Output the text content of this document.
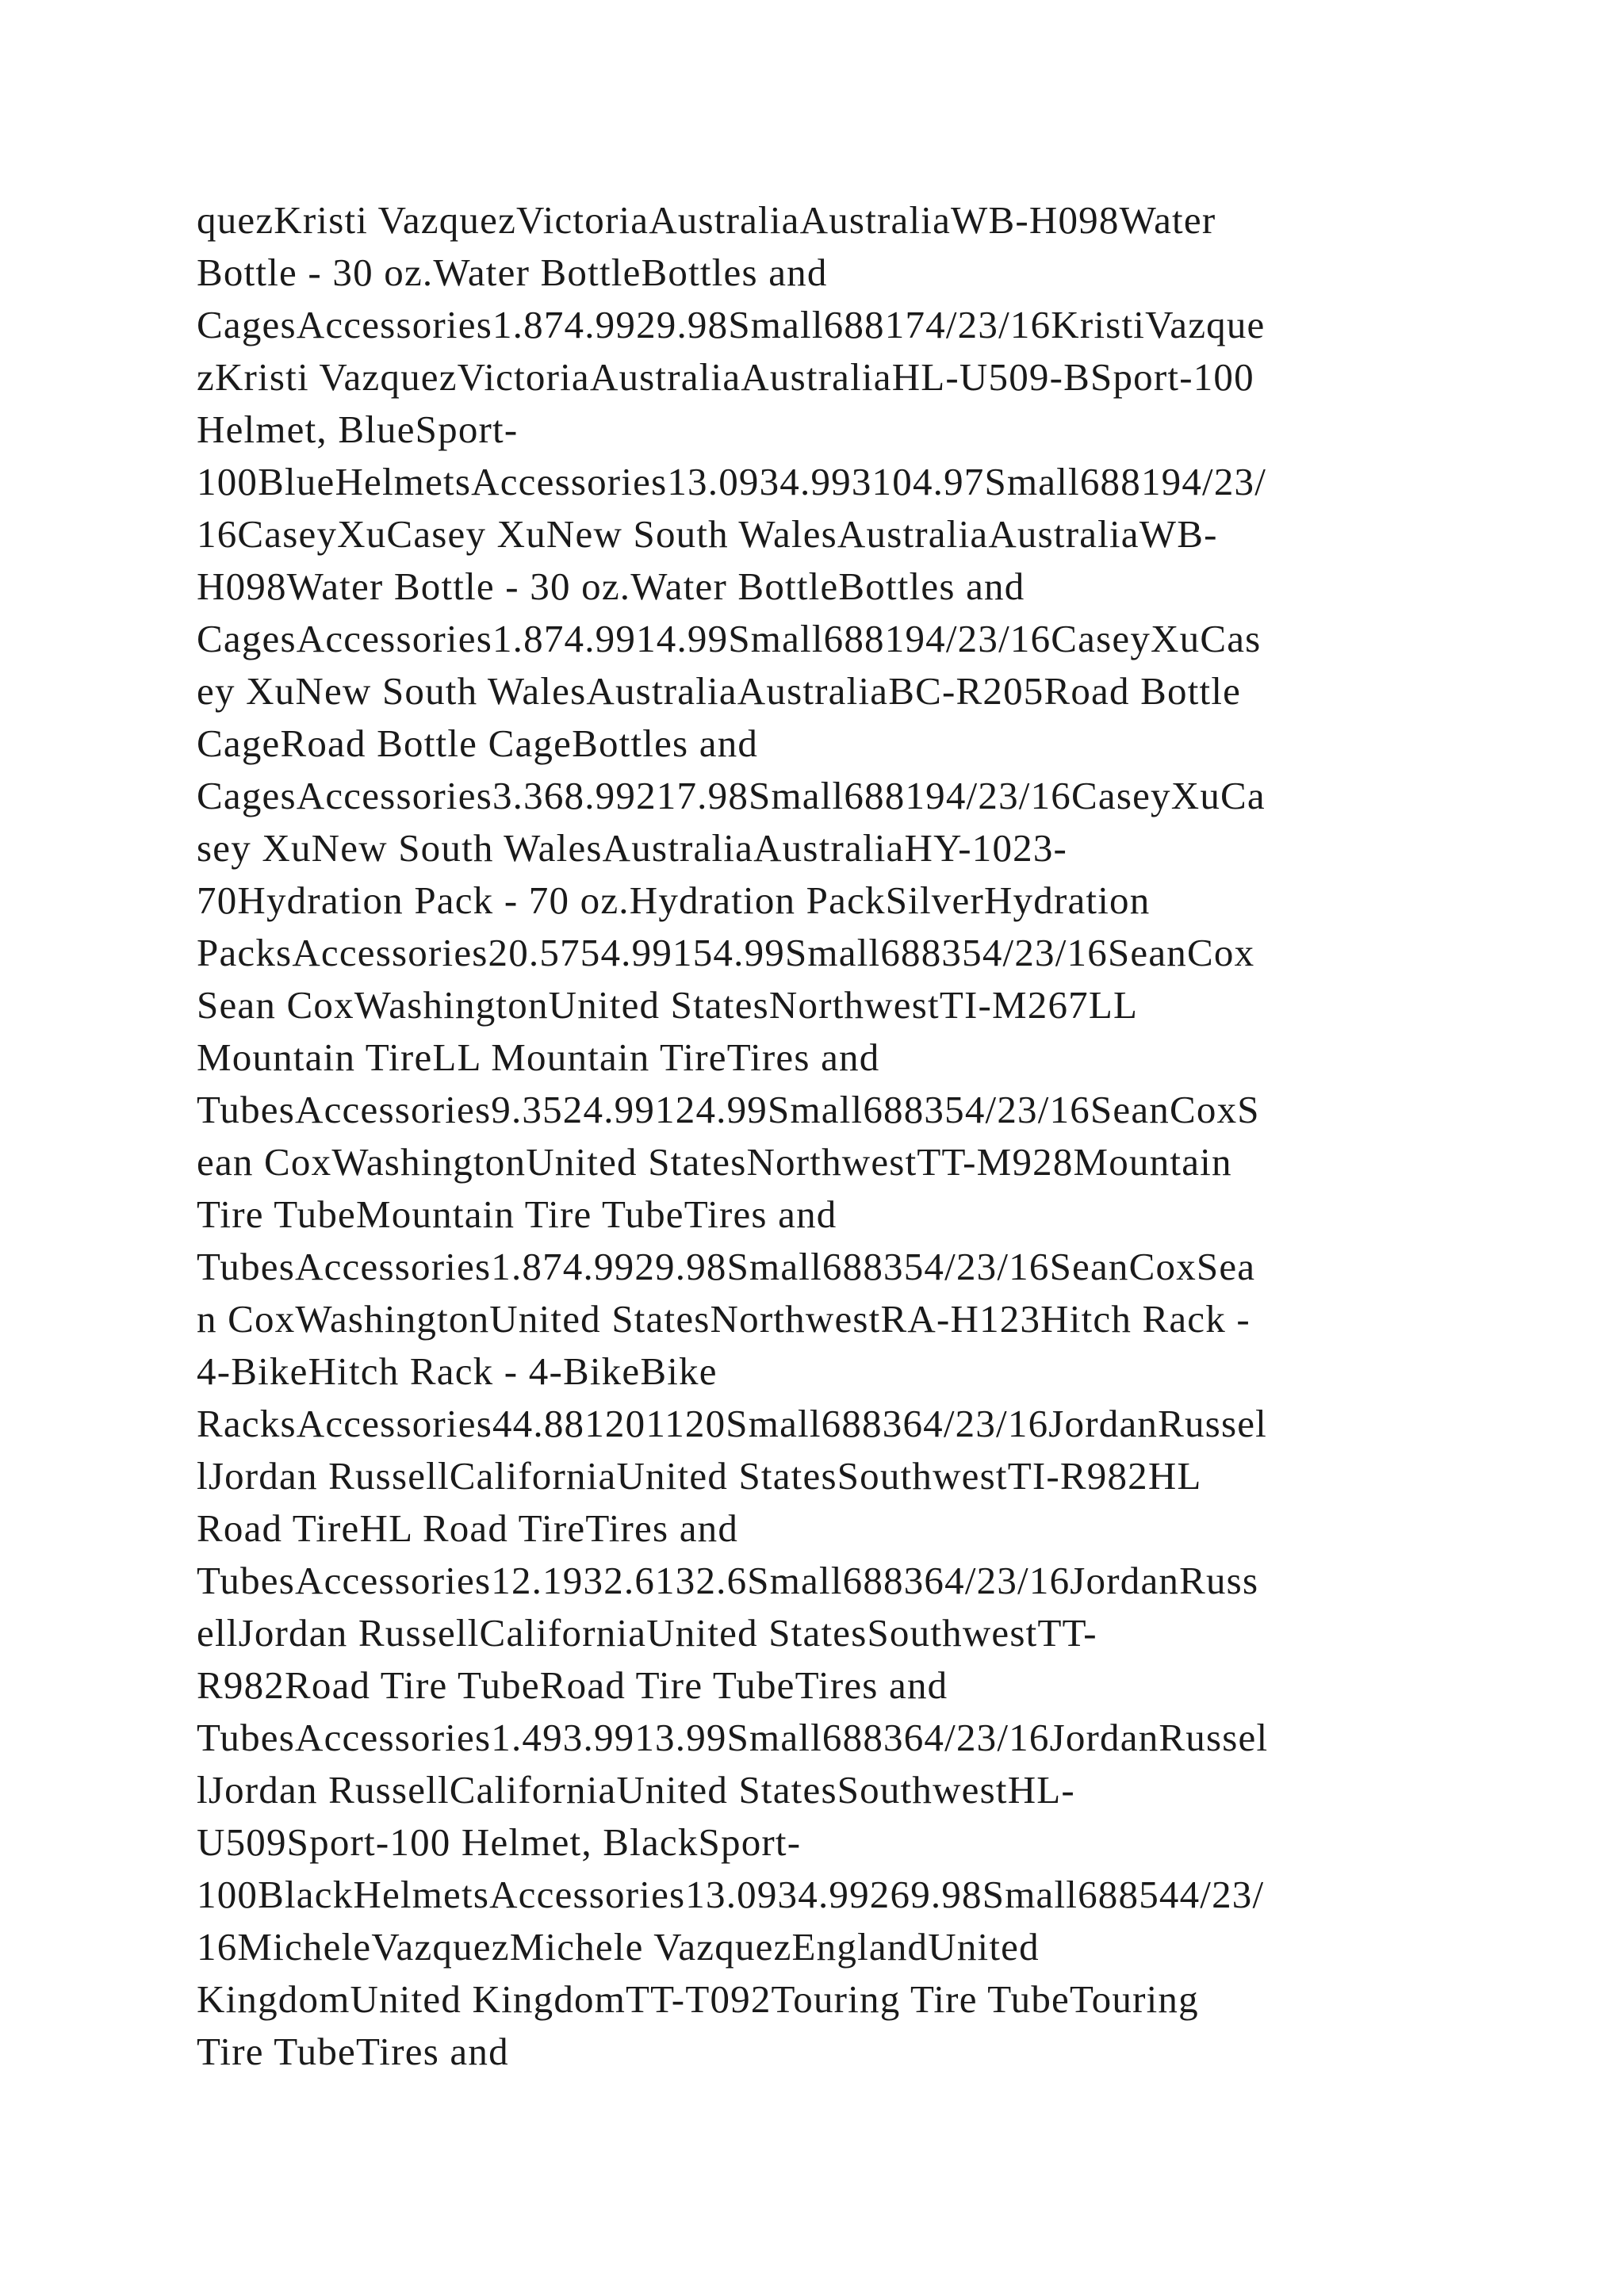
quezKristi VazquezVictoriaAustraliaAustraliaWB-H098Water
Bottle - 30 oz.Water BottleBottles and
CagesAccessories1.874.9929.98Small688174/23/16KristiVazque
zKristi VazquezVictoriaAustraliaAustraliaHL-U509-BSport-100
Helmet, BlueSport-
100BlueHelmetsAccessories13.0934.993104.97Small688194/23/
16CaseyXuCasey XuNew South WalesAustraliaAustraliaWB-
H098Water Bottle - 30 oz.Water BottleBottles and
CagesAccessories1.874.9914.99Small688194/23/16CaseyXuCas
ey XuNew South WalesAustraliaAustraliaBC-R205Road Bottle
CageRoad Bottle CageBottles and
CagesAccessories3.368.99217.98Small688194/23/16CaseyXuCa
sey XuNew South WalesAustraliaAustraliaHY-1023-
70Hydration Pack - 70 oz.Hydration PackSilverHydration
PacksAccessories20.5754.99154.99Small688354/23/16SeanCox
Sean CoxWashingtonUnited StatesNorthwestTI-M267LL
Mountain TireLL Mountain TireTires and
TubesAccessories9.3524.99124.99Small688354/23/16SeanCoxS
ean CoxWashingtonUnited StatesNorthwestTT-M928Mountain
Tire TubeMountain Tire TubeTires and
TubesAccessories1.874.9929.98Small688354/23/16SeanCoxSea
n CoxWashingtonUnited StatesNorthwestRA-H123Hitch Rack -
4-BikeHitch Rack - 4-BikeBike
RacksAccessories44.881201120Small688364/23/16JordanRussel
lJordan RussellCaliforniaUnited StatesSouthwestTI-R982HL
Road TireHL Road TireTires and
TubesAccessories12.1932.6132.6Small688364/23/16JordanRuss
ellJordan RussellCaliforniaUnited StatesSouthwestTT-
R982Road Tire TubeRoad Tire TubeTires and
TubesAccessories1.493.9913.99Small688364/23/16JordanRussel
lJordan RussellCaliforniaUnited StatesSouthwestHL-
U509Sport-100 Helmet, BlackSport-
100BlackHelmetsAccessories13.0934.99269.98Small688544/23/
16MicheleVazquezMichele VazquezEnglandUnited
KingdomUnited KingdomTT-T092Touring Tire TubeTouring
Tire TubeTires and
